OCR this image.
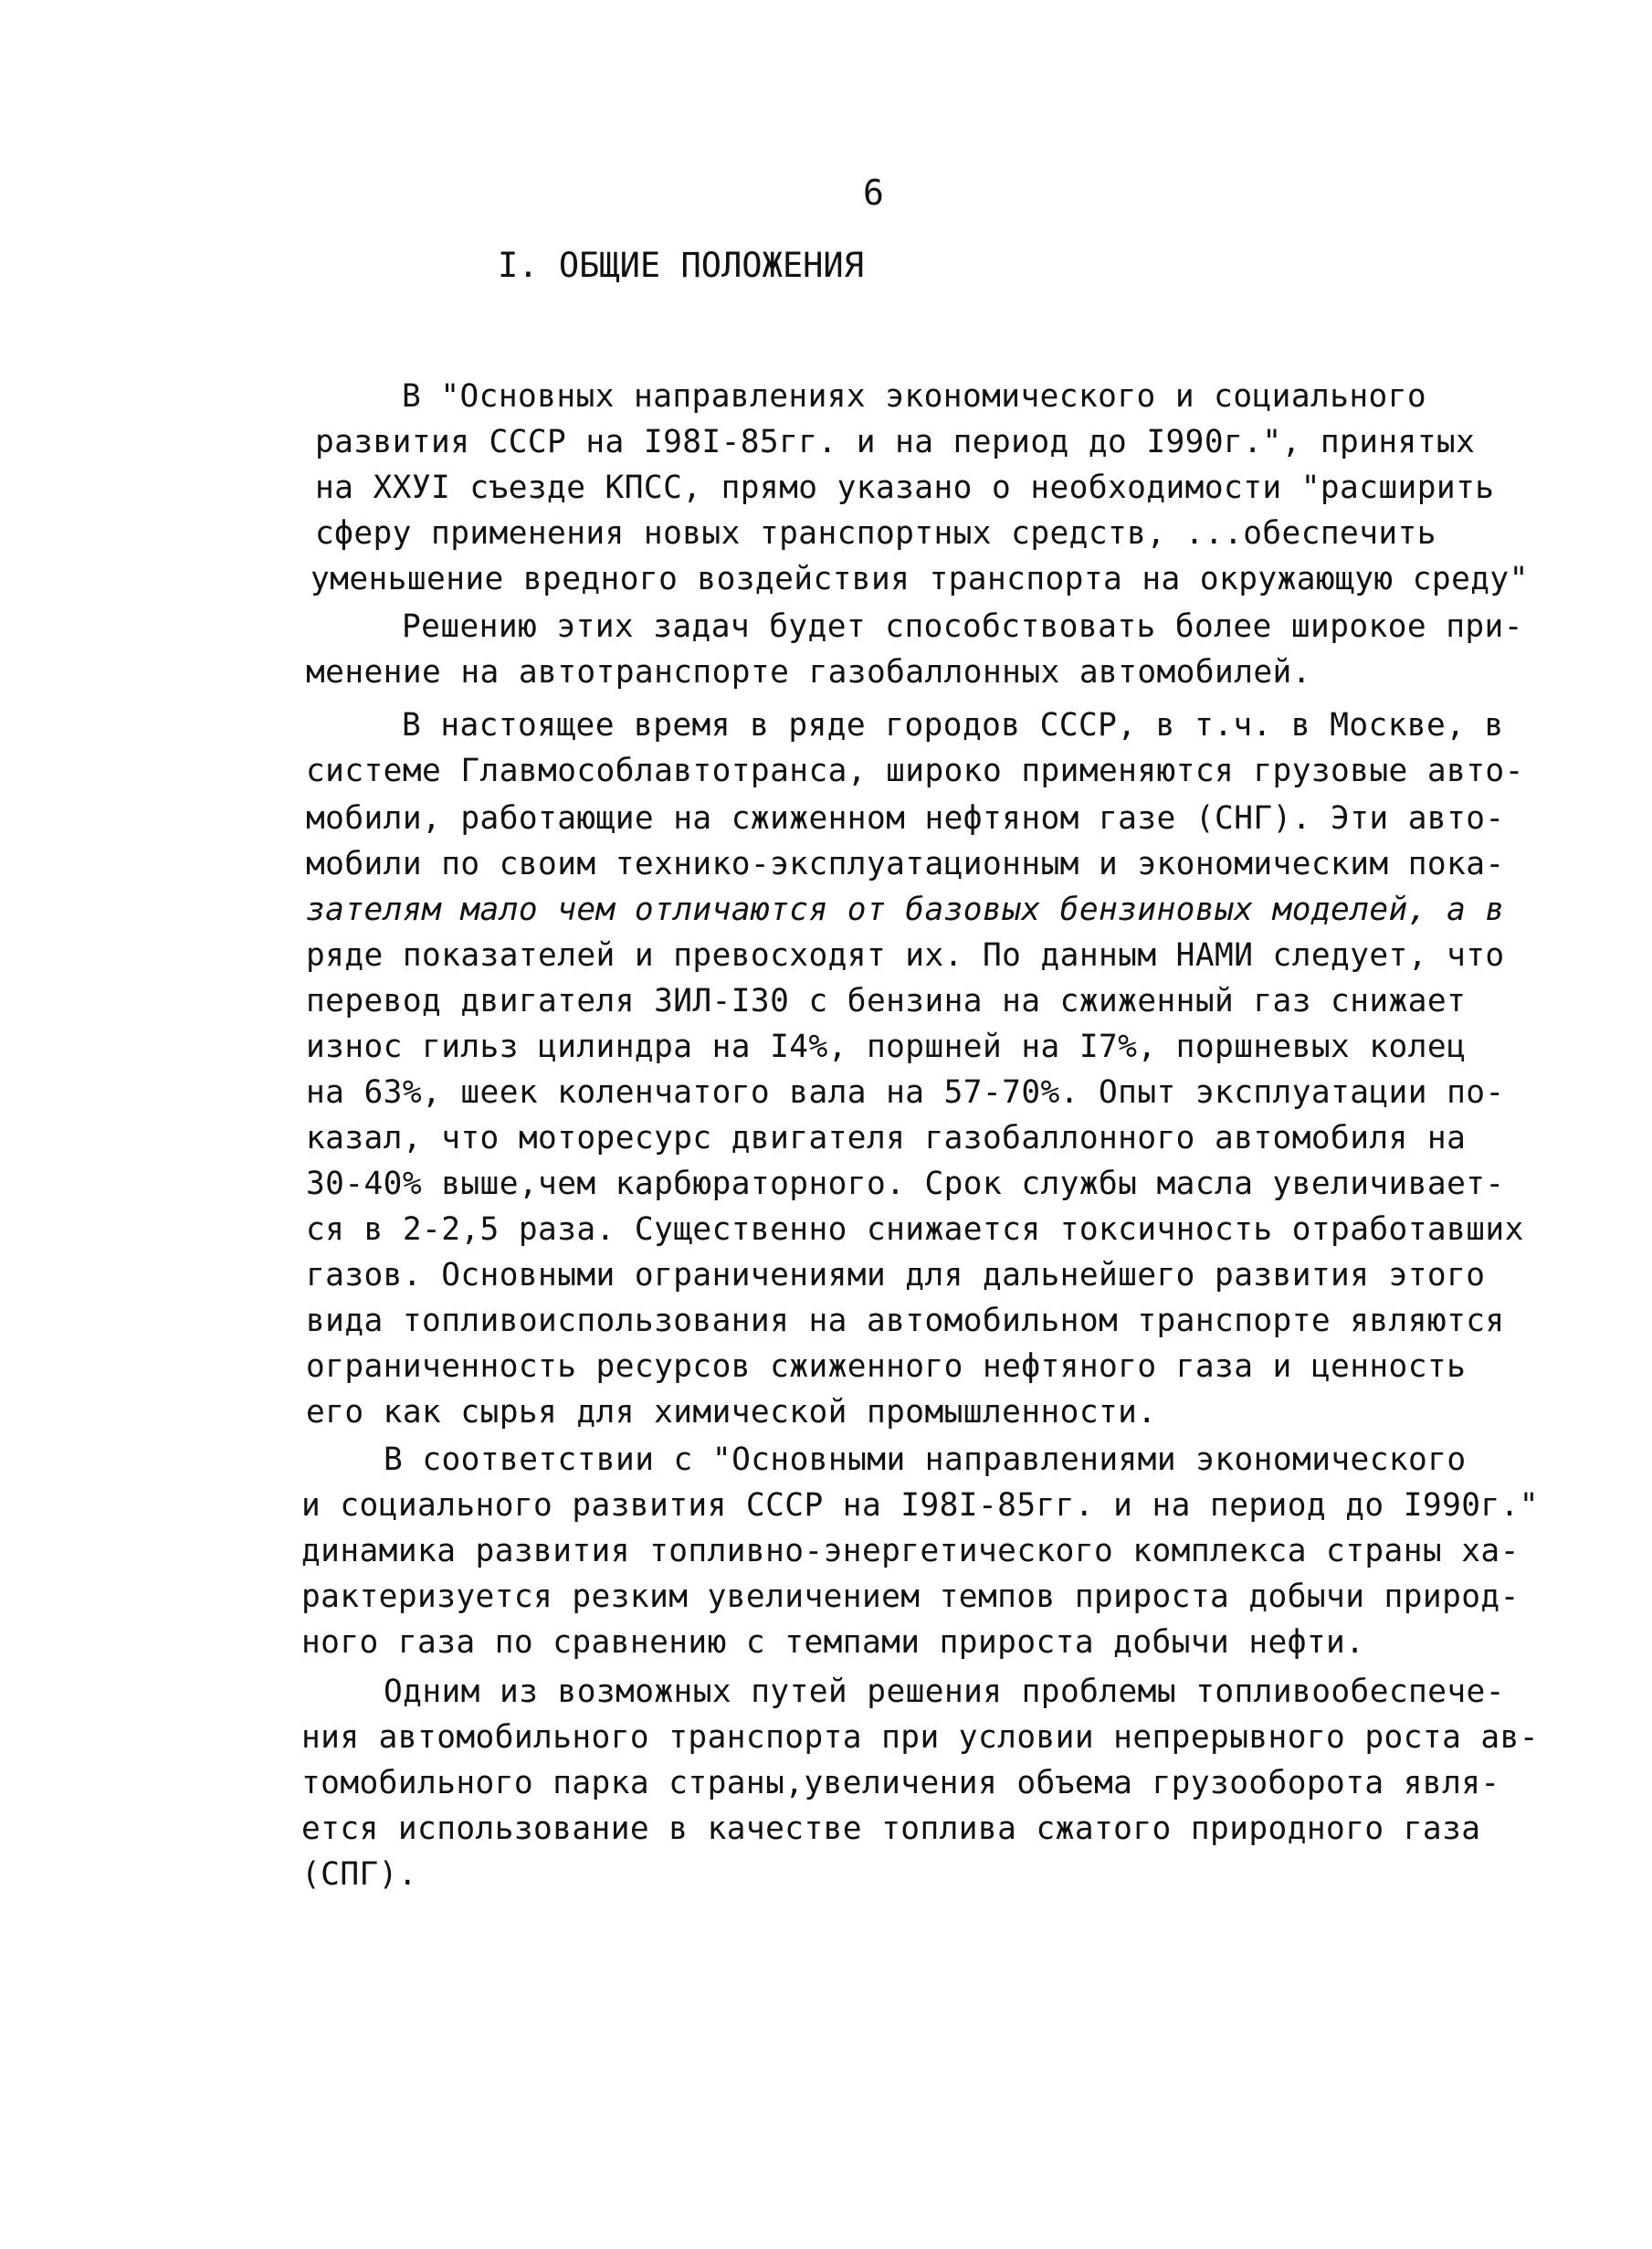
6
I. ОБЩИЕ ПОЛОЖЕНИЯ
В "Основных направлениях экономического и социального
развития СССР на I98I-85гг. и на период до I990г.", принятых
на XXУI съезде КПСС, прямо указано о необходимости "расширить
сферу применения новых транспортных средств, ...обеспечить
уменьшение вредного воздействия транспорта на окружающую среду"
Решению этих задач будет способствовать более широкое при-
менение на автотранспорте газобаллонных автомобилей.
В настоящее время в ряде городов СССР, в т.ч. в Москве, в
системе Главмособлавтотранса, широко применяются грузовые авто-
мобили, работающие на сжиженном нефтяном газе (СНГ). Эти авто-
мобили по своим технико-эксплуатационным и экономическим пока-
зателям мало чем отличаются от базовых бензиновых моделей, а в
ряде показателей и превосходят их. По данным НАМИ следует, что
перевод двигателя ЗИЛ-I30 с бензина на сжиженный газ снижает
износ гильз цилиндра на I4%, поршней на I7%, поршневых колец
на 63%, шеек коленчатого вала на 57-70%. Опыт эксплуатации по-
казал, что моторесурс двигателя газобаллонного автомобиля на
30-40% выше,чем карбюраторного. Срок службы масла увеличивает-
ся в 2-2,5 раза. Существенно снижается токсичность отработавших
газов. Основными ограничениями для дальнейшего развития этого
вида топливоиспользования на автомобильном транспорте являются
ограниченность ресурсов сжиженного нефтяного газа и ценность
его как сырья для химической промышленности.
В соответствии с "Основными направлениями экономического
и социального развития СССР на I98I-85гг. и на период до I990г."
динамика развития топливно-энергетического комплекса страны ха-
рактеризуется резким увеличением темпов прироста добычи природ-
ного газа по сравнению с темпами прироста добычи нефти.
Одним из возможных путей решения проблемы топливообеспече-
ния автомобильного транспорта при условии непрерывного роста ав-
томобильного парка страны,увеличения объема грузооборота явля-
ется использование в качестве топлива сжатого природного газа
(СПГ).
